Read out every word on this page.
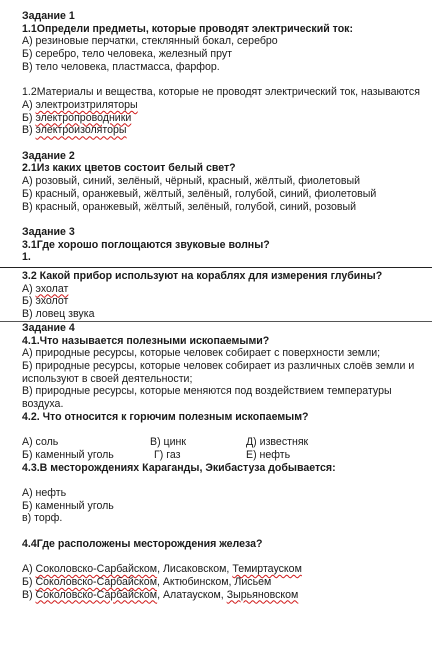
Задание 1
1.1Определи предметы, которые проводят электрический ток:
А) резиновые перчатки, стеклянный бокал, серебро
Б) серебро, тело человека, железный прут
В) тело человека, пластмасса, фарфор.
1.2Материалы и вещества, которые не проводят электрический ток, называются
А) электроизтриляторы
Б) электропроводники
В) электроизоляторы
Задание 2
2.1Из каких цветов состоит белый свет?
А) розовый, синий, зелёный, чёрный, красный, жёлтый, фиолетовый
Б) красный, оранжевый, жёлтый, зелёный, голубой, синий, фиолетовый
В) красный, оранжевый, жёлтый, зелёный, голубой, синий, розовый
Задание 3
3.1Где хорошо поглощаются звуковые волны?
1.
3.2 Какой прибор используют на кораблях для измерения глубины?
А) эхолат
Б) эхолот
В) ловец звука
Задание 4
4.1.Что называется полезными ископаемыми?
А) природные ресурсы, которые человек собирает с поверхности земли;
Б) природные ресурсы, которые человек собирает из различных слоёв земли и используют в своей деятельности;
В) природные ресурсы, которые меняются под воздействием температуры воздуха.
4.2. Что относится к горючим полезным ископаемым?
А) соль	В) цинк	Д) известняк
Б) каменный уголь	Г) газ	Е) нефть
4.3.В месторождениях Караганды, Экибастуза добывается:
А) нефть
Б) каменный уголь
в) торф.
4.4Где расположены месторождения железа?
А) Соколовско-Сарбайском, Лисаковском, Темиртауском
Б) Соколовско-Сарбайском, Актюбинском, Лисьем
В) Соколовско-Сарбайском, Алатауском, Зырьяновском
